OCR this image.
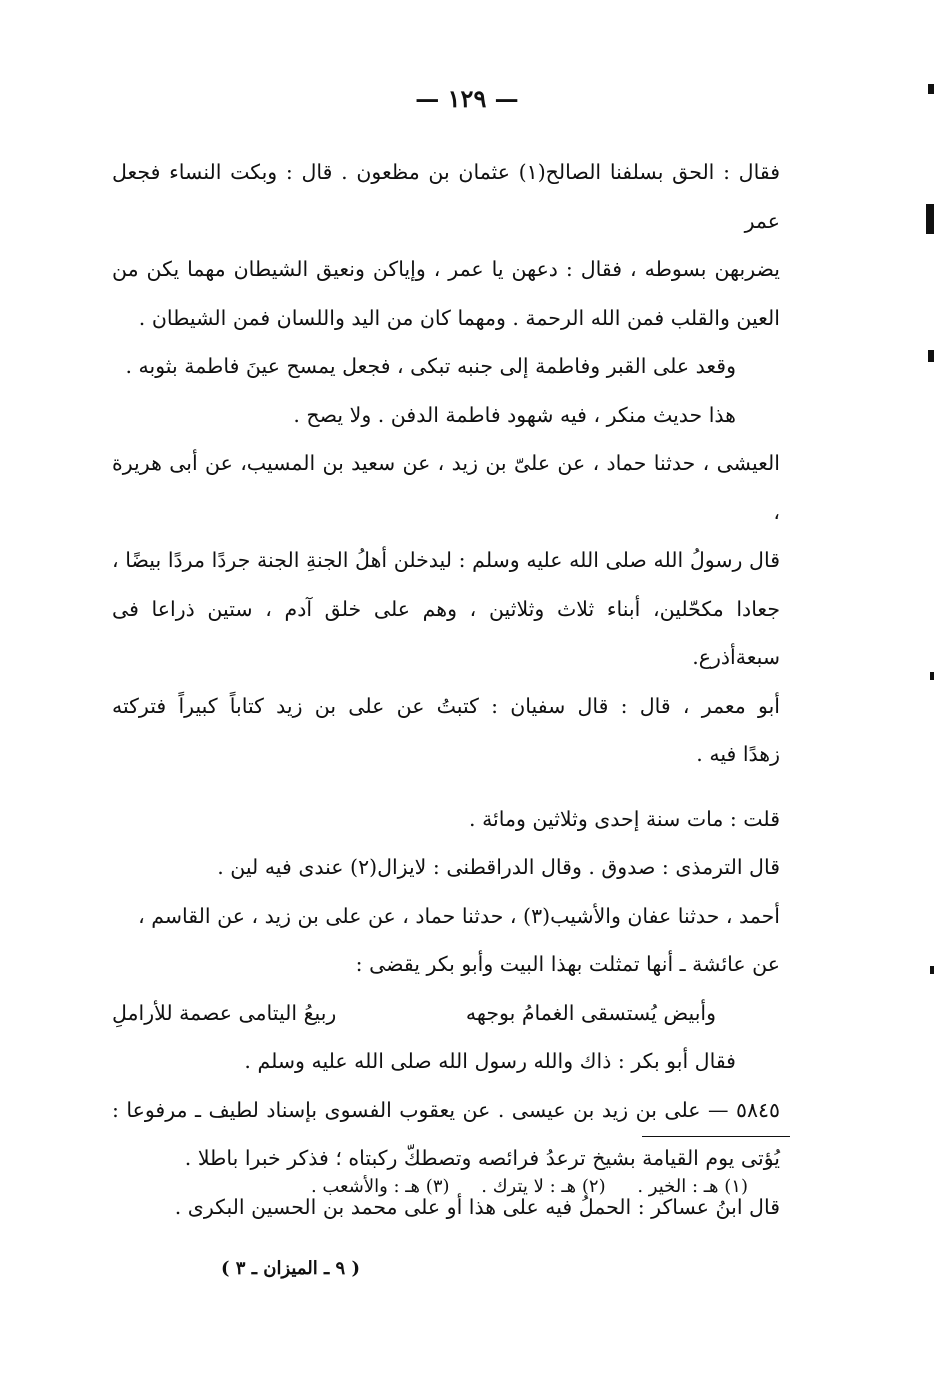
— ١٢٩ —

فقال : الحق بسلفنا الصالح(١) عثمان بن مظعون . قال : وبكت النساء فجعل عمر

يضربهن بسوطه ، فقال : دعهن يا عمر ، وإياكن ونعيق الشيطان مهما يكن من

العين والقلب فمن الله الرحمة . ومهما كان من اليد واللسان فمن الشيطان .

وقعد على القبر وفاطمة إلى جنبه تبكى ، فجعل يمسح عينَ فاطمة بثوبه .

هذا حديث منكر ، فيه شهود فاطمة الدفن . ولا يصح .

العيشى ، حدثنا حماد ، عن علىّ بن زيد ، عن سعيد بن المسيب، عن أبى هريرة ،

قال رسولُ الله صلى الله عليه وسلم : ليدخلن أهلُ الجنةِ الجنة جردًا مردًا بيضًا ،

جعادا مكحّلين، أبناء ثلاث وثلاثين ، وهم على خلق آدم ، ستين ذراعا فى سبعةأذرع.

أبو معمر ، قال : قال سفيان : كتبتُ عن على بن زيد كتاباً كبيراً فتركته

زهدًا فيه .

قلت : مات سنة إحدى وثلاثين ومائة .

قال الترمذى : صدوق . وقال الدراقطنى : لايزال(٢) عندى فيه لين .

أحمد ، حدثنا عفان والأشيب(٣) ، حدثنا حماد ، عن على بن زيد ، عن القاسم ،

عن عائشة ـ أنها تمثلت بهذا البيت وأبو بكر يقضى :

وأبيض يُستسقى الغمامُ بوجهه
ربيعُ اليتامى عصمة للأراملِ

فقال أبو بكر : ذاك والله رسول الله صلى الله عليه وسلم .

٥٨٤٥ — على بن زيد بن عيسى . عن يعقوب الفسوى بإسناد لطيف ـ مرفوعا :

يُؤتى يوم القيامة بشيخ ترعدُ فرائصه وتصطكّ ركبتاه ؛ فذكر خبرا باطلا .

قال ابنُ عساكر : الحملُ فيه على هذا أو على محمد بن الحسين البكرى .

(١) هـ : الخير . (٢) هـ : لا يترك . (٣) هـ : والأشعب .
( ٩ ـ الميزان ـ ٣ )
